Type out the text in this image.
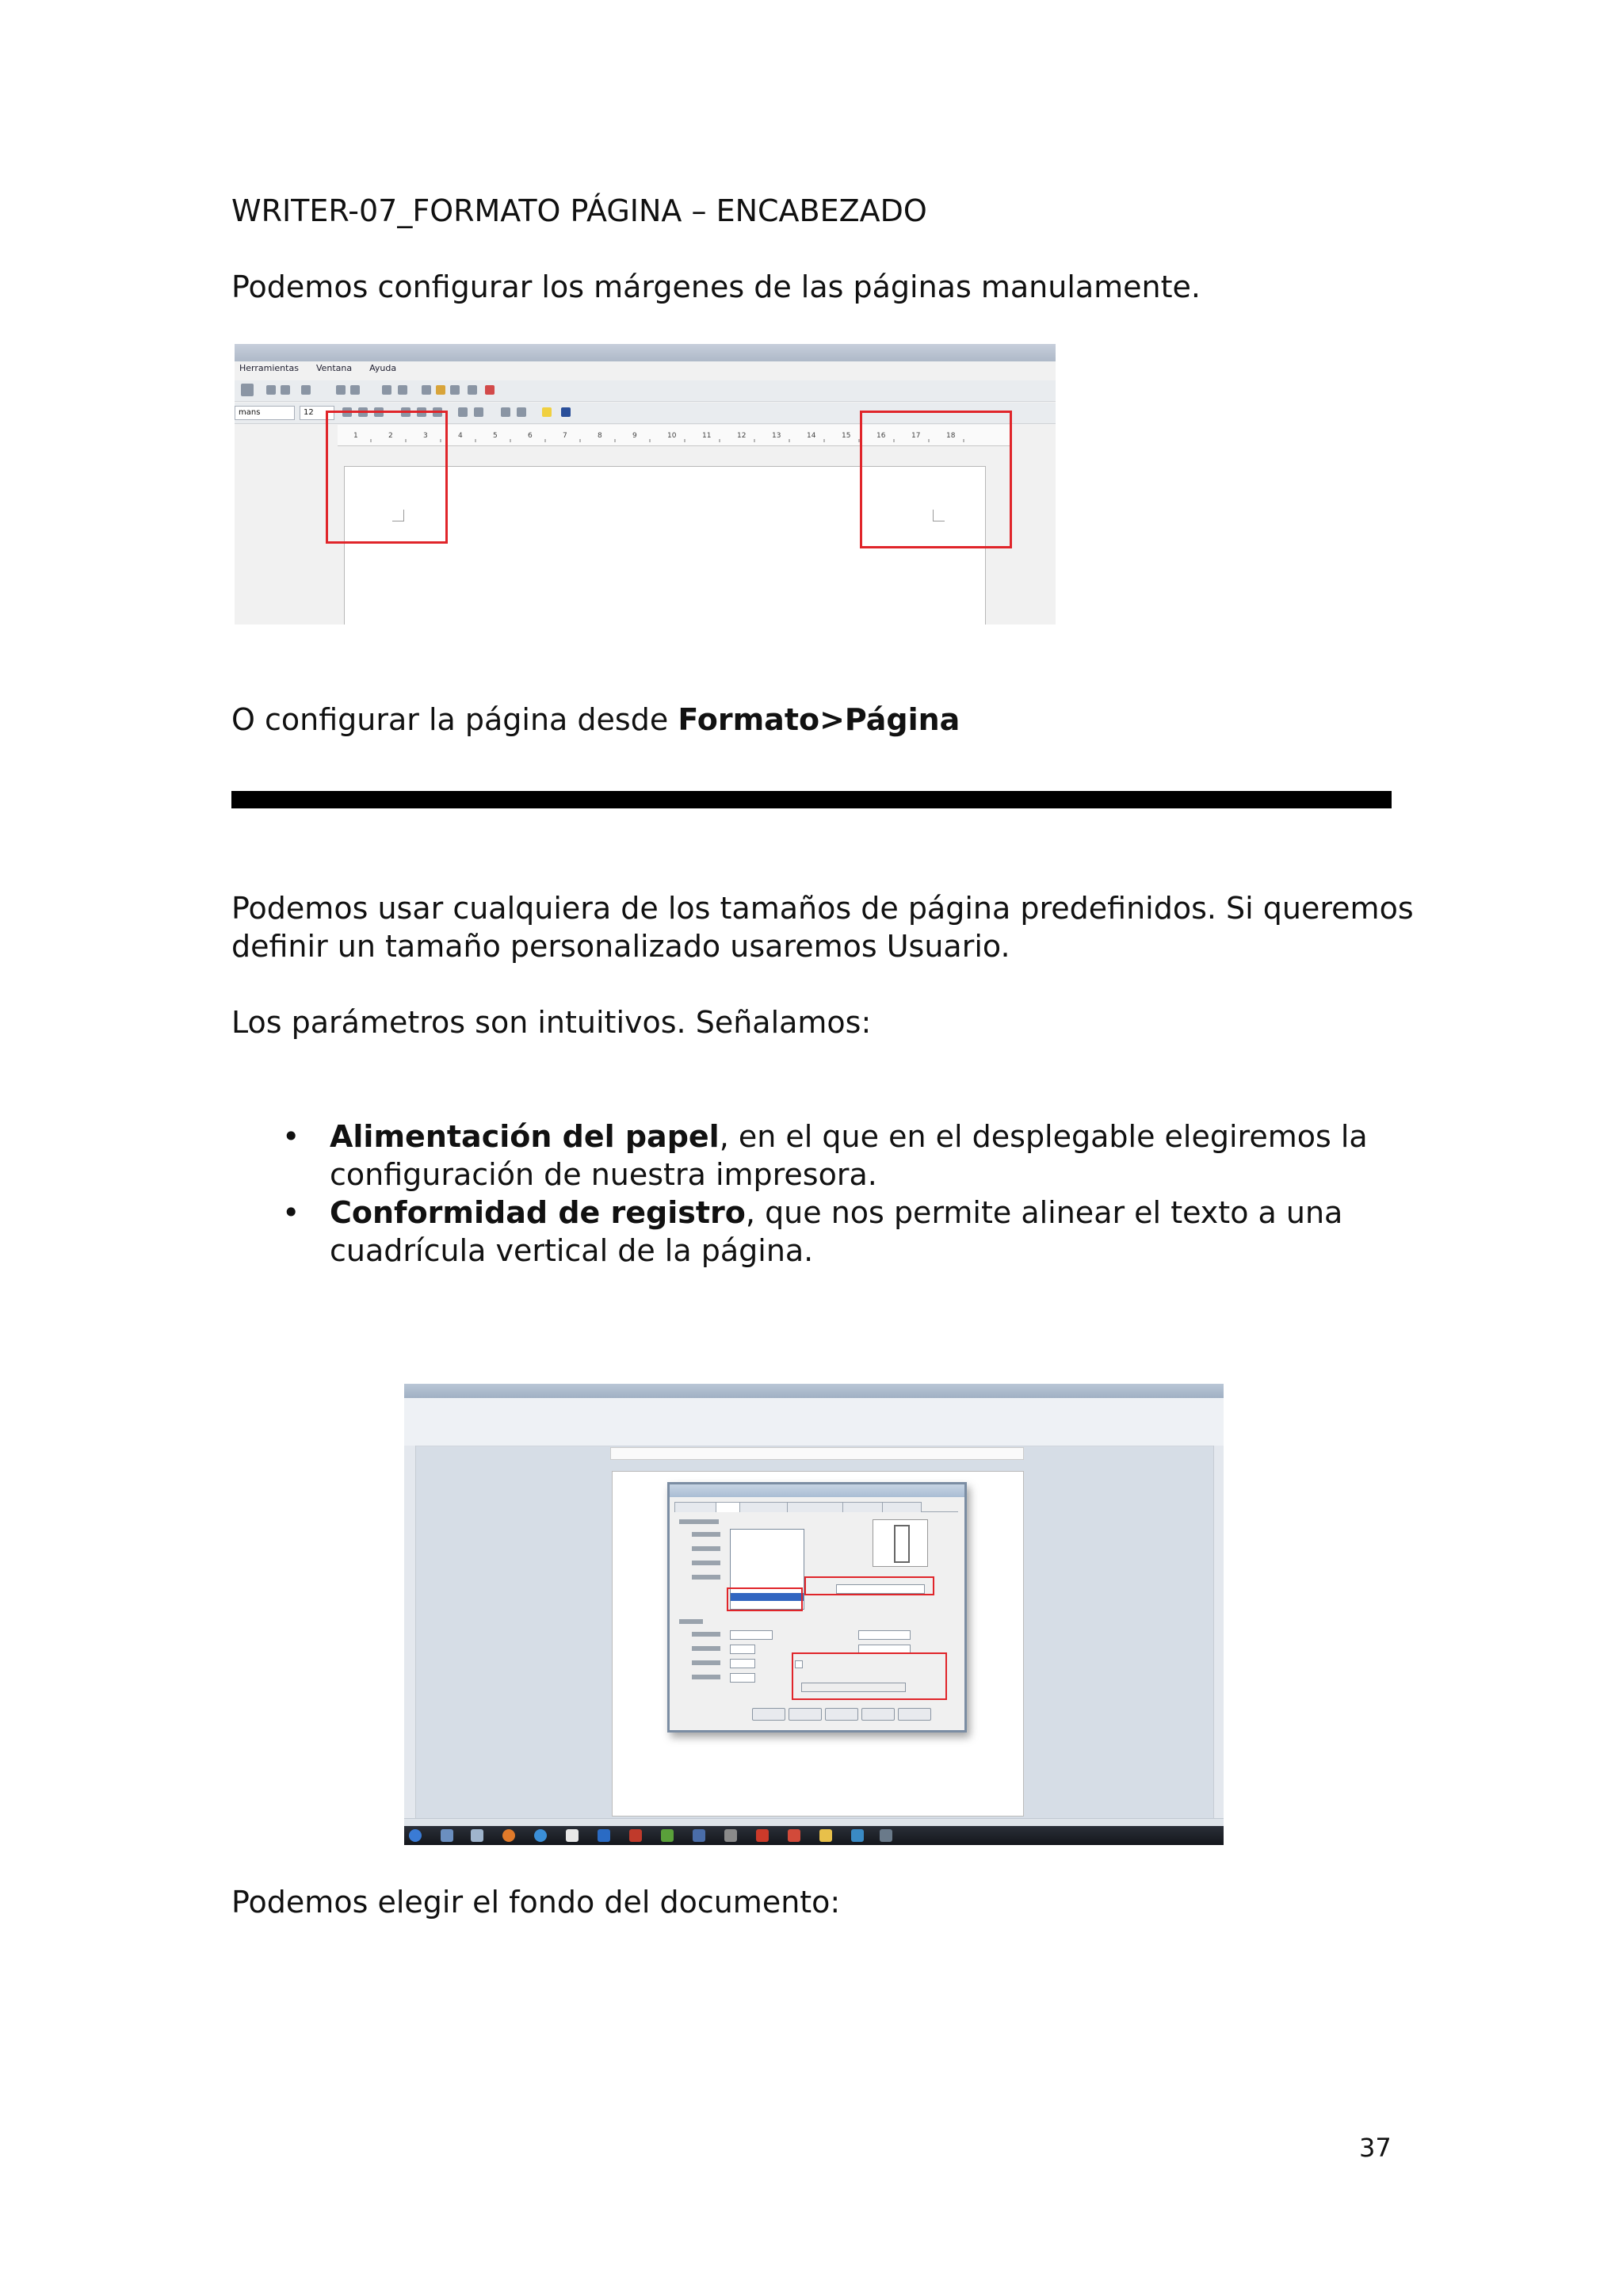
WRITER-07_FORMATO PÁGINA – ENCABEZADO
Podemos configurar los márgenes de las páginas manulamente.
Herramientas Ventana Ayuda
mans	12
1	2	3	4	5	6	7	8	9	10	11	12	13	14	15	16	17	18
O configurar la página desde Formato>Página
Podemos usar cualquiera de los tamaños de página predefinidos. Si queremos
definir un tamaño personalizado usaremos Usuario.
Los parámetros son intuitivos. Señalamos:
• Alimentación del papel, en el que en el desplegable elegiremos la
configuración de nuestra impresora.
• Conformidad de registro, que nos permite alinear el texto a una
cuadrícula vertical de la página.
Podemos elegir el fondo del documento:
37
